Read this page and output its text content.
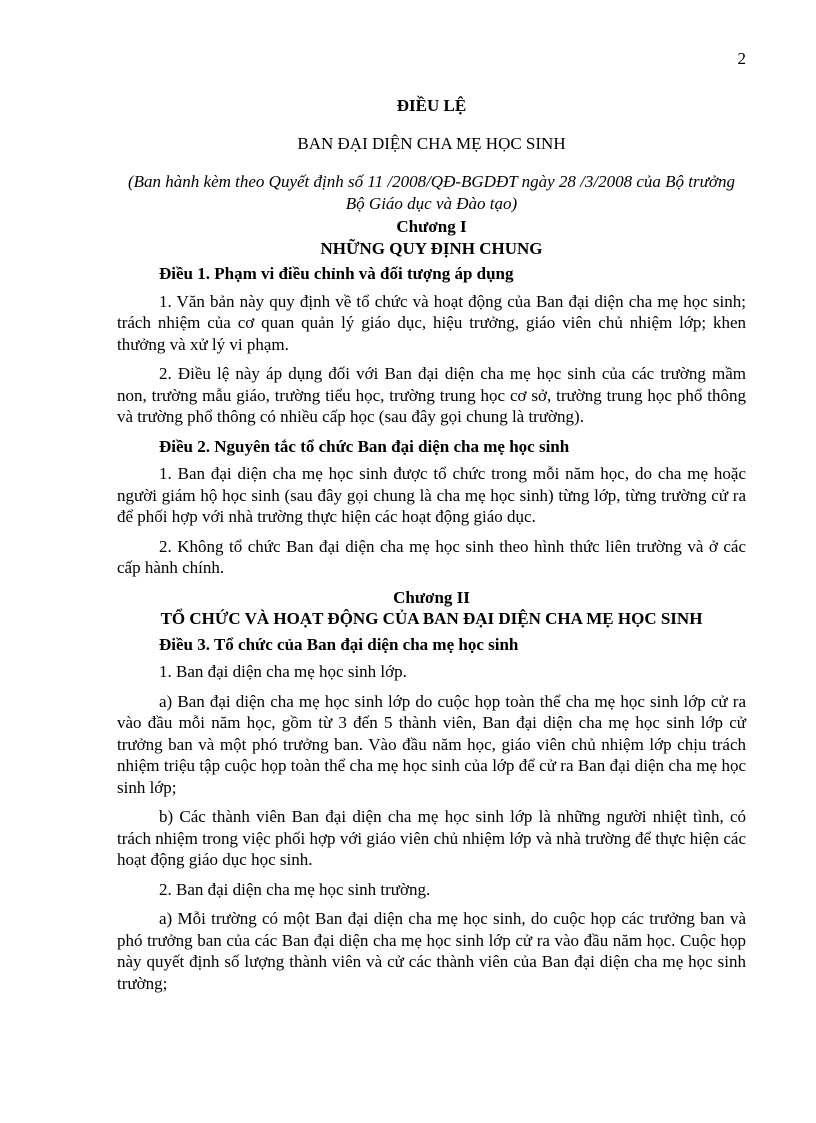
2
ĐIỀU LỆ
BAN ĐẠI DIỆN CHA MẸ HỌC SINH
(Ban hành kèm theo Quyết định số 11 /2008/QĐ-BGDĐT ngày 28 /3/2008 của Bộ trưởng Bộ Giáo dục và Đào tạo)
Chương I
NHỮNG QUY ĐỊNH CHUNG
Điều 1. Phạm vi điều chỉnh và đối tượng áp dụng

1. Văn bản này quy định về tổ chức và hoạt động của Ban đại diện cha mẹ học sinh; trách nhiệm của cơ quan quản lý giáo dục, hiệu trưởng, giáo viên chủ nhiệm lớp; khen thưởng và xử lý vi phạm.

2. Điều lệ này áp dụng đối với Ban đại diện cha mẹ học sinh của các trường mầm non, trường mẫu giáo, trường tiểu học, trường trung học cơ sở, trường trung học phổ thông và trường phổ thông có nhiều cấp học (sau đây gọi chung là trường).

Điều 2. Nguyên tắc tổ chức Ban đại diện cha mẹ học sinh

1. Ban đại diện cha mẹ học sinh được tổ chức trong mỗi năm học, do cha mẹ hoặc người giám hộ học sinh (sau đây gọi chung là cha mẹ học sinh) từng lớp, từng trường cử ra để phối hợp với nhà trường thực hiện các hoạt động giáo dục.

2. Không tổ chức Ban đại diện cha mẹ học sinh theo hình thức liên trường và ở các cấp hành chính.

Chương II
TỔ CHỨC VÀ HOẠT ĐỘNG CỦA BAN ĐẠI DIỆN CHA MẸ HỌC SINH
Điều 3. Tổ chức của Ban đại diện cha mẹ học sinh

1. Ban đại diện cha mẹ học sinh lớp.

a) Ban đại diện cha mẹ học sinh lớp do cuộc họp toàn thể cha mẹ học sinh lớp cử ra vào đầu mỗi năm học, gồm từ 3 đến 5 thành viên, Ban đại diện cha mẹ học sinh lớp cử trưởng ban và một phó trưởng ban. Vào đầu năm học, giáo viên chủ nhiệm lớp chịu trách nhiệm triệu tập cuộc họp toàn thể cha mẹ học sinh của lớp để cử ra Ban đại diện cha mẹ học sinh lớp;

b) Các thành viên Ban đại diện cha mẹ học sinh lớp là những người nhiệt tình, có trách nhiệm trong việc phối hợp với giáo viên chủ nhiệm lớp và nhà trường để thực hiện các hoạt động giáo dục học sinh.

2. Ban đại diện cha mẹ học sinh trường.

a) Mỗi trường có một Ban đại diện cha mẹ học sinh, do cuộc họp các trưởng ban và phó trưởng ban của các Ban đại diện cha mẹ học sinh lớp cử ra vào đầu năm học. Cuộc họp này quyết định số lượng thành viên và cử các thành viên của Ban đại diện cha mẹ học sinh trường;
